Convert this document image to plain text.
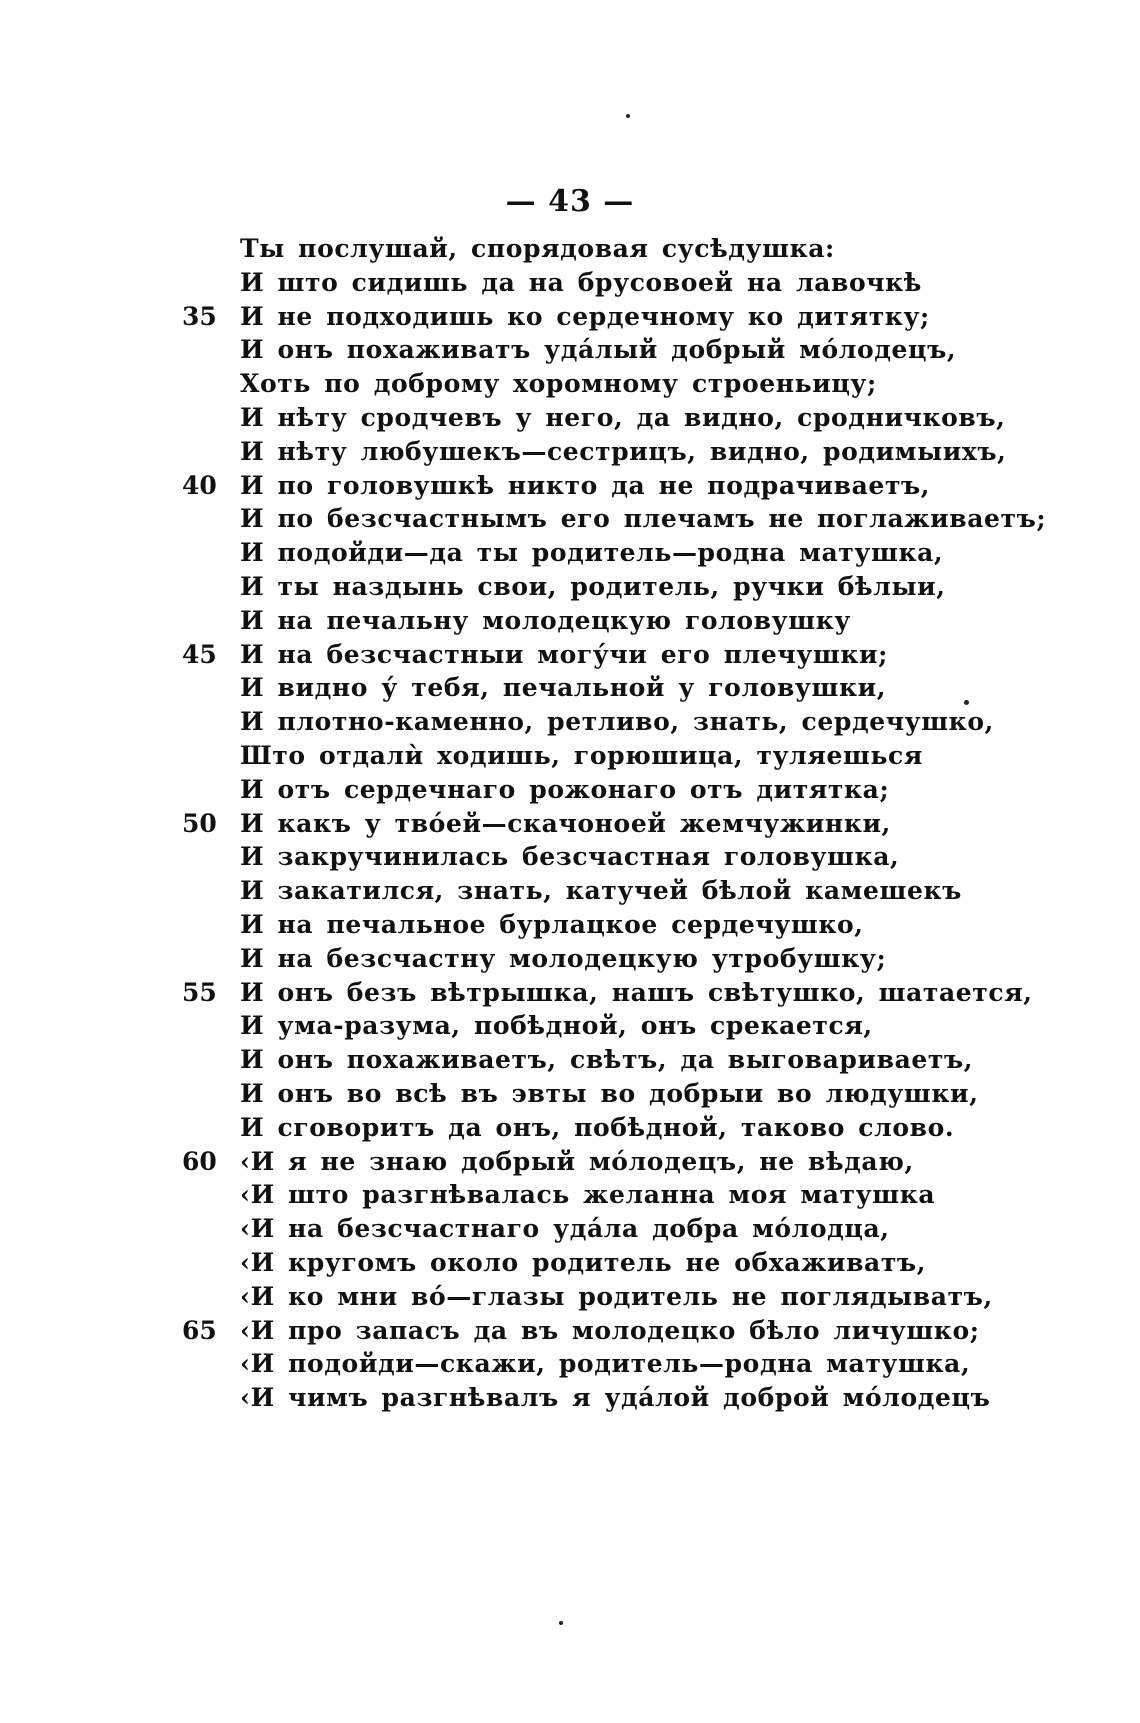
— 43 —
Ты послушай, спорядовая сусѣдушка:
И што сидишь да на брусовоей на лавочкѣ
35 И не подходишь ко сердечному ко дитятку;
И онъ похаживатъ удáлый добрый мóлодецъ,
Хоть по доброму хоромному строеньицу;
И нѣту сродчевъ у него, да видно, сродничковъ,
И нѣту любушекъ—сестрицъ, видно, родимыихъ,
40 И по головушкѣ никто да не подрачиваетъ,
И по безсчастнымъ его плечамъ не поглаживаетъ;
И подойди—да ты родитель—родна матушка,
И ты наздынь свои, родитель, ручки бѣлыи,
И на печальну молодецкую головушку
45 И на безсчастныи могу́чи его плечушки;
И видно у́ тебя, печальной у головушки,
И плотно-каменно, ретливо, знать, сердечушко,
Што отдалѝ ходишь, горюшица, туляешься
И отъ сердечнаго рожонаго отъ дитятка;
50 И какъ у твóей—скачоноей жемчужинки,
И закручинилась безсчастная головушка,
И закатился, знать, катучей бѣлой камешекъ
И на печальное бурлацкое сердечушко,
И на безсчастну молодецкую утробушку;
55 И онъ безъ вѣтрышка, нашъ свѣтушко, шатается,
И ума-разума, побѣдной, онъ срекается,
И онъ похаживаетъ, свѣтъ, да выговариваетъ,
И онъ во всѣ въ эвты во добрыи во людушки,
И сговоритъ да онъ, побѣдной, таково слово.
60 ‹И я не знаю добрый мóлодецъ, не вѣдаю,
‹И што разгнѣвалась желанна моя матушка
‹И на безсчастнаго удáла добра мóлодца,
‹И кругомъ около родитель не обхаживатъ,
‹И ко мни вó—глазы родитель не поглядыватъ,
65 ‹И про запасъ да въ молодецко бѣло личушко;
‹И подойди—скажи, родитель—родна матушка,
‹И чимъ разгнѣвалъ я удáлой доброй мóлодецъ
